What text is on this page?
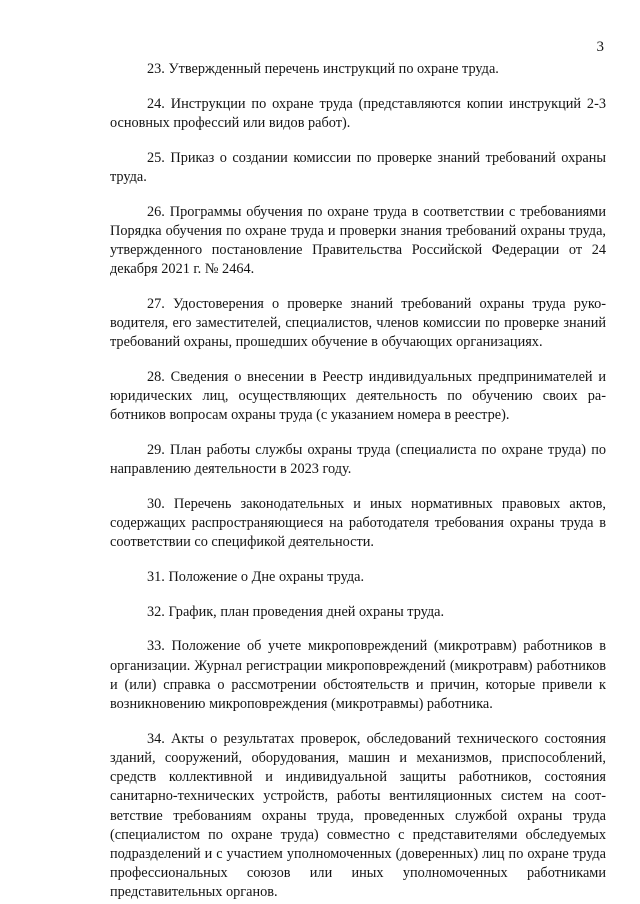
3

23. Утвержденный перечень инструкций по охране труда.

24. Инструкции по охране труда (представляются копии инструкций 2-3 основных профессий или видов работ).

25. Приказ о создании комиссии по проверке знаний требований охраны труда.

26. Программы обучения по охране труда в соответствии с требованиями Порядка обучения по охране труда и проверки знания требований охраны труда, утвержденного постановление Правительства Российской Федерации от 24 декабря 2021 г. № 2464.

27. Удостоверения о проверке знаний требований охраны труда руководителя, его заместителей, специалистов, членов комиссии по проверке знаний требований охраны, прошедших обучение в обучающих организациях.

28. Сведения о внесении в Реестр индивидуальных предпринимателей и юридических лиц, осуществляющих деятельность по обучению своих работников вопросам охраны труда (с указанием номера в реестре).

29. План работы службы охраны труда (специалиста по охране труда) по направлению деятельности в 2023 году.

30. Перечень законодательных и иных нормативных правовых актов, содержащих распространяющиеся на работодателя требования охраны труда в соответствии со спецификой деятельности.

31. Положение о Дне охраны труда.

32. График, план проведения дней охраны труда.

33. Положение об учете микроповреждений (микротравм) работников в организации. Журнал регистрации микроповреждений (микротравм) работников и (или) справка о рассмотрении обстоятельств и причин, которые привели к возникновению микроповреждения (микротравмы) работника.

34. Акты о результатах проверок, обследований технического состояния зданий, сооружений, оборудования, машин и механизмов, приспособлений, средств коллективной и индивидуальной защиты работников, состояния санитарно-технических устройств, работы вентиляционных систем на соответствие требованиям охраны труда, проведенных службой охраны труда (специалистом по охране труда) совместно с представителями обследуемых подразделений и с участием уполномоченных (доверенных) лиц по охране труда профессиональных союзов или иных уполномоченных работниками представительных органов.
